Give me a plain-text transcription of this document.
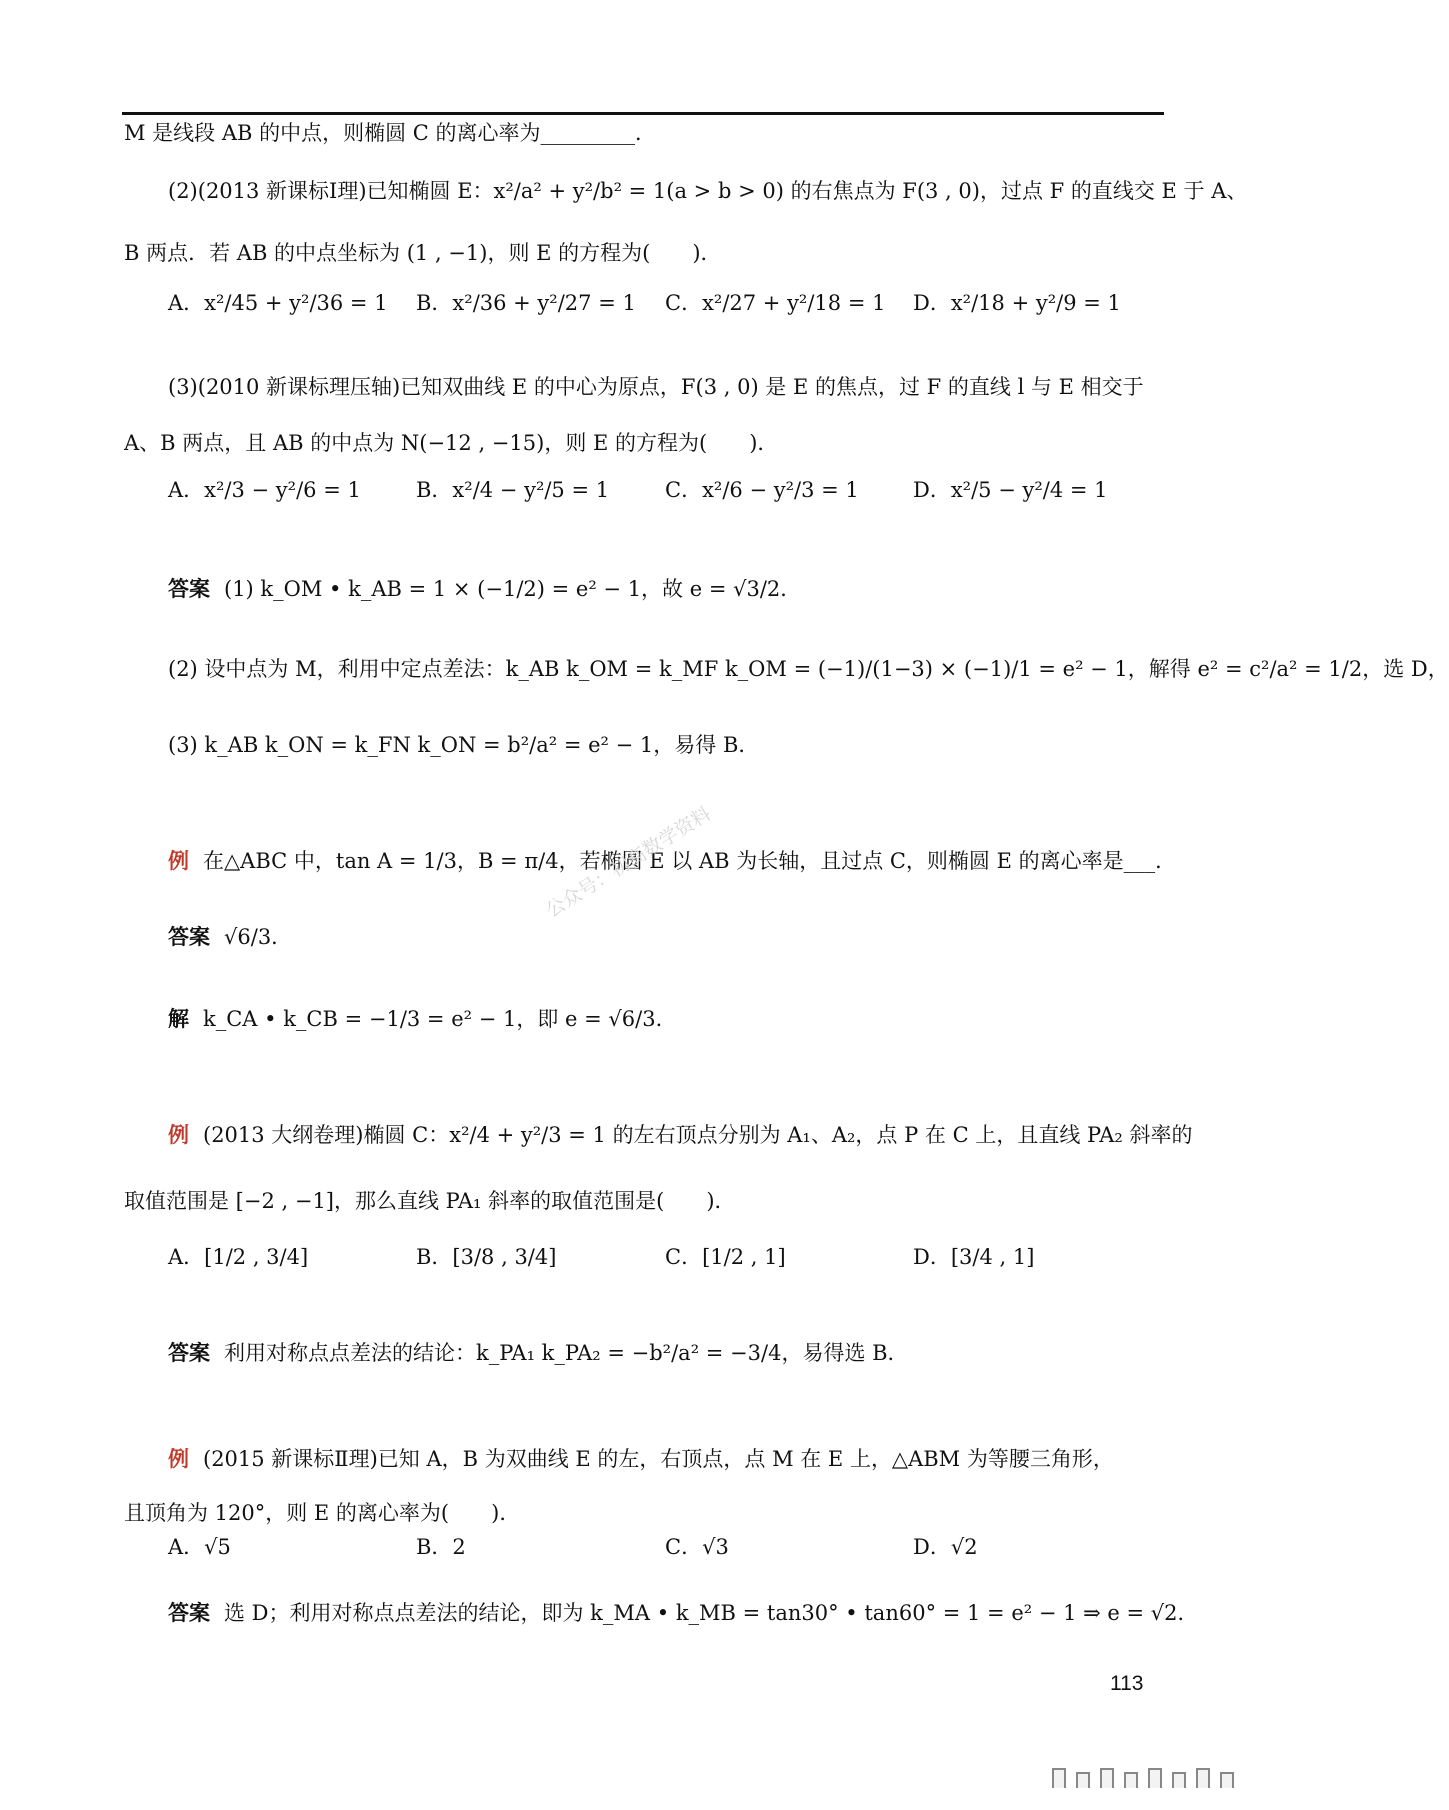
M 是线段 AB 的中点，则椭圆 C 的离心率为_________．
(2)(2013 新课标Ⅰ理)已知椭圆 E：x²/a² + y²/b² = 1(a > b > 0) 的右焦点为 F(3 , 0)，过点 F 的直线交 E 于 A、
B 两点．若 AB 的中点坐标为 (1 , −1)，则 E 的方程为(　　)．
A．x²/45 + y²/36 = 1 B．x²/36 + y²/27 = 1 C．x²/27 + y²/18 = 1 D．x²/18 + y²/9 = 1
(3)(2010 新课标理压轴)已知双曲线 E 的中心为原点，F(3 , 0) 是 E 的焦点，过 F 的直线 l 与 E 相交于
A、B 两点，且 AB 的中点为 N(−12 , −15)，则 E 的方程为(　　)．
A．x²/3 − y²/6 = 1	B．x²/4 − y²/5 = 1	C．x²/6 − y²/3 = 1	D．x²/5 − y²/4 = 1
答案 (1) k_OM • k_AB = 1 × (−1/2) = e² − 1，故 e = √3/2．
(2) 设中点为 M，利用中定点差法：k_AB k_OM = k_MF k_OM = (−1)/(1−3) × (−1)/1 = e² − 1，解得 e² = c²/a² = 1/2，选 D，
(3) k_AB k_ON = k_FN k_ON = b²/a² = e² − 1，易得 B．
例 在△ABC 中，tan A = 1/3，B = π/4，若椭圆 E 以 AB 为长轴，且过点 C，则椭圆 E 的离心率是___．
答案 √6/3．
解 k_CA • k_CB = −1/3 = e² − 1，即 e = √6/3．
例 (2013 大纲卷理)椭圆 C：x²/4 + y²/3 = 1 的左右顶点分别为 A₁、A₂，点 P 在 C 上，且直线 PA₂ 斜率的
取值范围是 [−2 , −1]，那么直线 PA₁ 斜率的取值范围是(　　)．
A．[1/2 , 3/4]	B．[3/8 , 3/4]	C．[1/2 , 1]	D．[3/4 , 1]
答案 利用对称点点差法的结论：k_PA₁ k_PA₂ = −b²/a² = −3/4，易得选 B．
例 (2015 新课标Ⅱ理)已知 A，B 为双曲线 E 的左，右顶点，点 M 在 E 上，△ABM 为等腰三角形，
且顶角为 120°，则 E 的离心率为(　　)．
A．√5	B．2	C．√3	D．√2
答案 选 D；利用对称点点差法的结论，即为 k_MA • k_MB = tan30° • tan60° = 1 = e² − 1 ⇒ e = √2．
公众号：初高数学资料
113
